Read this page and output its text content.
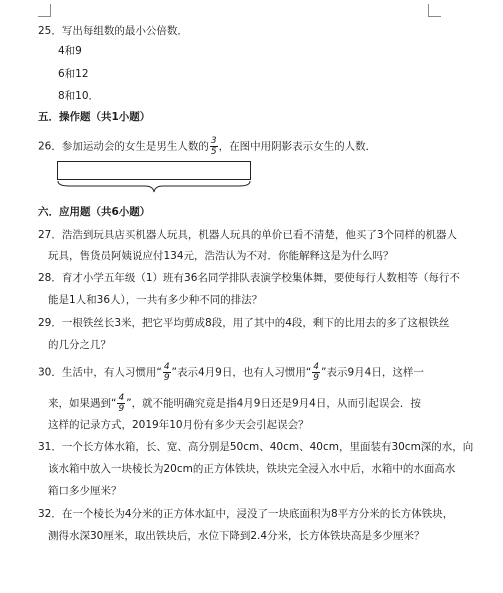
25．写出每组数的最小公倍数．
4和9
6和12
8和10．
五．操作题（共1小题）
26．参加运动会的女生是男生人数的 $\frac{3}{5}$ ，在图中用阴影表示女生的人数．
六．应用题（共6小题）
27．浩浩到玩具店买机器人玩具，机器人玩具的单价已看不清楚，他买了3个同样的机器人
玩具，售货员阿姨说应付134元，浩浩认为不对．你能解释这是为什么吗？
28．育才小学五年级（1）班有36名同学排队表演学校集体舞，要使每行人数相等（每行不
能是1人和36人），一共有多少种不同的排法？
29．一根铁丝长3米，把它平均剪成8段，用了其中的4段，剩下的比用去的多了这根铁丝
的几分之几？
30．生活中，有人习惯用“ $\frac{4}{9}$ ”表示4月9日，也有人习惯用“ $\frac{4}{9}$ ”表示9月4日，这样一
来，如果遇到“ $\frac{4}{9}$ ”，就不能明确究竟是指4月9日还是9月4日，从而引起误会．按
这样的记录方式，2019年10月份有多少天会引起误会？
31．一个长方体水箱，长、宽、高分别是50cm、40cm、40cm，里面装有30cm深的水，向
该水箱中放入一块棱长为20cm的正方体铁块，铁块完全浸入水中后，水箱中的水面高水
箱口多少厘米？
32．在一个棱长为4分米的正方体水缸中，浸没了一块底面积为8平方分米的长方体铁块，
测得水深30厘米，取出铁块后，水位下降到2.4分米，长方体铁块高是多少厘米？
